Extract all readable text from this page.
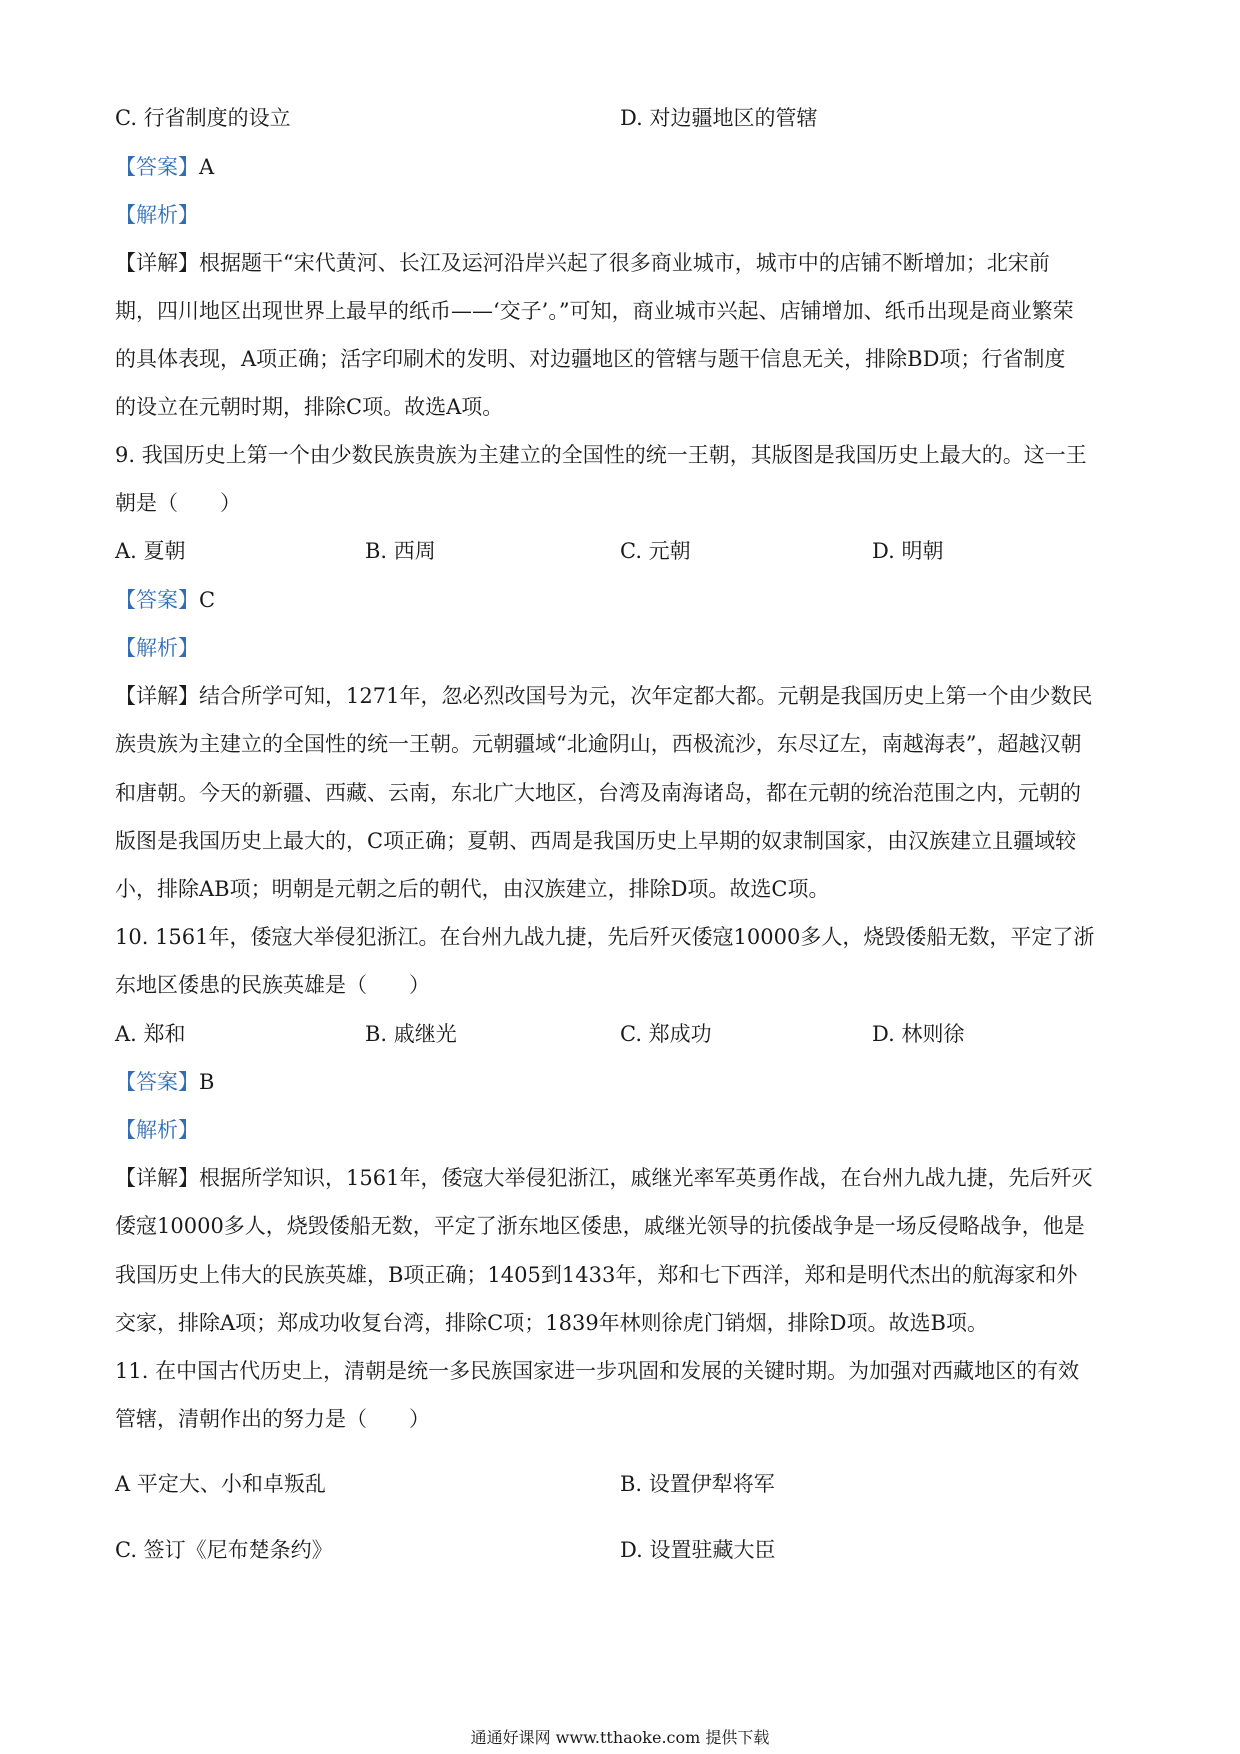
C. 行省制度的设立	D. 对边疆地区的管辖
【答案】A
【解析】
【详解】根据题干“宋代黄河、长江及运河沿岸兴起了很多商业城市，城市中的店铺不断增加；北宋前
期，四川地区出现世界上最早的纸币——‘交子’。”可知，商业城市兴起、店铺增加、纸币出现是商业繁荣
的具体表现，A项正确；活字印刷术的发明、对边疆地区的管辖与题干信息无关，排除BD项；行省制度
的设立在元朝时期，排除C项。故选A项。
9. 我国历史上第一个由少数民族贵族为主建立的全国性的统一王朝，其版图是我国历史上最大的。这一王
朝是（　　）
A. 夏朝	B. 西周	C. 元朝	D. 明朝
【答案】C
【解析】
【详解】结合所学可知，1271年，忽必烈改国号为元，次年定都大都。元朝是我国历史上第一个由少数民
族贵族为主建立的全国性的统一王朝。元朝疆域“北逾阴山，西极流沙，东尽辽左，南越海表”，超越汉朝
和唐朝。今天的新疆、西藏、云南，东北广大地区，台湾及南海诸岛，都在元朝的统治范围之内，元朝的
版图是我国历史上最大的，C项正确；夏朝、西周是我国历史上早期的奴隶制国家，由汉族建立且疆域较
小，排除AB项；明朝是元朝之后的朝代，由汉族建立，排除D项。故选C项。
10. 1561年，倭寇大举侵犯浙江。在台州九战九捷，先后歼灭倭寇10000多人，烧毁倭船无数，平定了浙
东地区倭患的民族英雄是（　　）
A. 郑和	B. 戚继光	C. 郑成功	D. 林则徐
【答案】B
【解析】
【详解】根据所学知识，1561年，倭寇大举侵犯浙江，戚继光率军英勇作战，在台州九战九捷，先后歼灭
倭寇10000多人，烧毁倭船无数，平定了浙东地区倭患，戚继光领导的抗倭战争是一场反侵略战争，他是
我国历史上伟大的民族英雄，B项正确；1405到1433年，郑和七下西洋，郑和是明代杰出的航海家和外
交家，排除A项；郑成功收复台湾，排除C项；1839年林则徐虎门销烟，排除D项。故选B项。
11. 在中国古代历史上，清朝是统一多民族国家进一步巩固和发展的关键时期。为加强对西藏地区的有效
管辖，清朝作出的努力是（　　）
A 平定大、小和卓叛乱	B. 设置伊犁将军
C. 签订《尼布楚条约》	D. 设置驻藏大臣
通通好课网 www.tthaoke.com 提供下载
